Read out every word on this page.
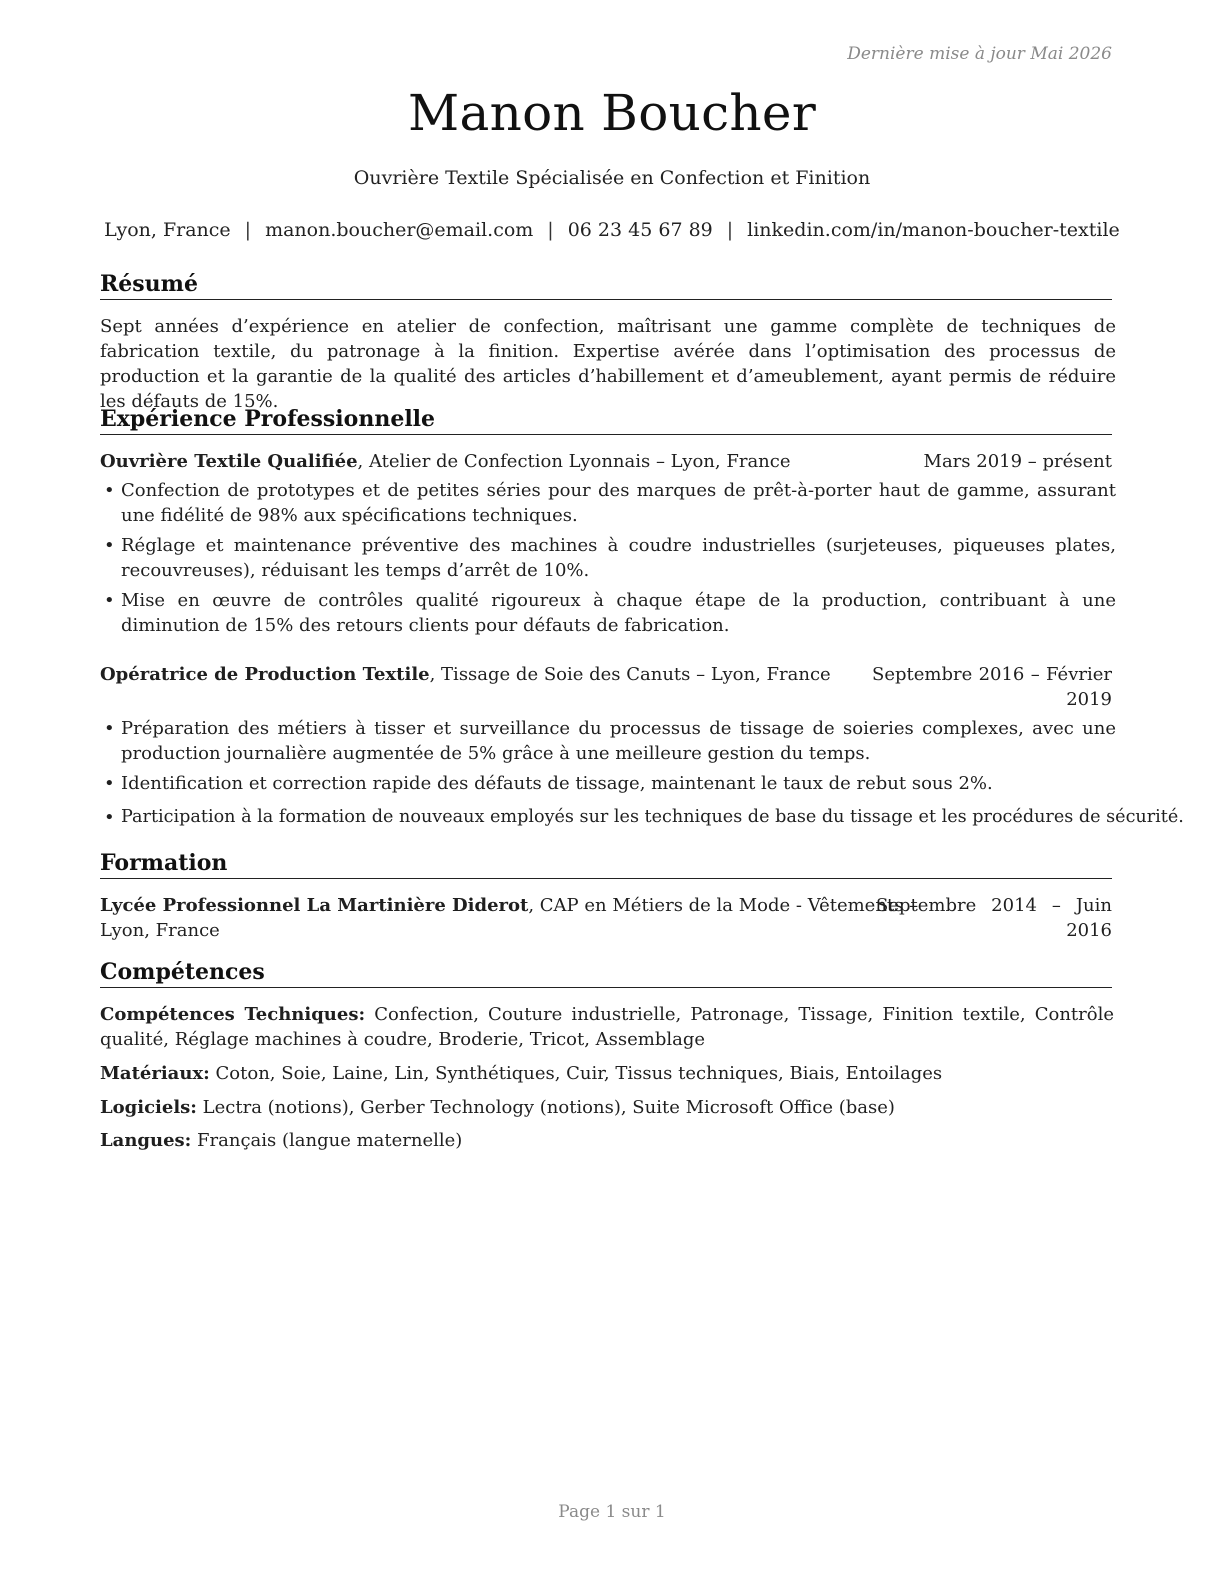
Dernière mise à jour Mai 2026
Manon Boucher
Ouvrière Textile Spécialisée en Confection et Finition
Lyon, France | manon.boucher@email.com | 06 23 45 67 89 | linkedin.com/in/manon-boucher-textile
Résumé
Sept années d’expérience en atelier de confection, maîtrisant une gamme complète de techniques de fabrication textile, du patronage à la finition. Expertise avérée dans l’optimisation des processus de production et la garantie de la qualité des articles d’habillement et d’ameublement, ayant permis de réduire les défauts de 15%.
Expérience Professionnelle
Ouvrière Textile Qualifiée, Atelier de Confection Lyonnais – Lyon, France	Mars 2019 – présent
• Confection de prototypes et de petites séries pour des marques de prêt-à-porter haut de gamme, assurant une fidélité de 98% aux spécifications techniques.
• Réglage et maintenance préventive des machines à coudre industrielles (surjeteuses, piqueuses plates, recouvreuses), réduisant les temps d’arrêt de 10%.
• Mise en œuvre de contrôles qualité rigoureux à chaque étape de la production, contribuant à une diminution de 15% des retours clients pour défauts de fabrication.
Opératrice de Production Textile, Tissage de Soie des Canuts – Lyon, France Septembre 2016 – Février
2019
• Préparation des métiers à tisser et surveillance du processus de tissage de soieries complexes, avec une production journalière augmentée de 5% grâce à une meilleure gestion du temps.
• Identification et correction rapide des défauts de tissage, maintenant le taux de rebut sous 2%.
• Participation à la formation de nouveaux employés sur les techniques de base du tissage et les procédures de sécurité.
Formation
Lycée Professionnel La Martinière Diderot, CAP en Métiers de la Mode - Vêtements –
Lyon, France
Septembre 2014 – Juin
2016
Compétences
Compétences Techniques: Confection, Couture industrielle, Patronage, Tissage, Finition textile, Contrôle qualité, Réglage machines à coudre, Broderie, Tricot, Assemblage
Matériaux: Coton, Soie, Laine, Lin, Synthétiques, Cuir, Tissus techniques, Biais, Entoilages
Logiciels: Lectra (notions), Gerber Technology (notions), Suite Microsoft Office (base)
Langues: Français (langue maternelle)
Page 1 sur 1
